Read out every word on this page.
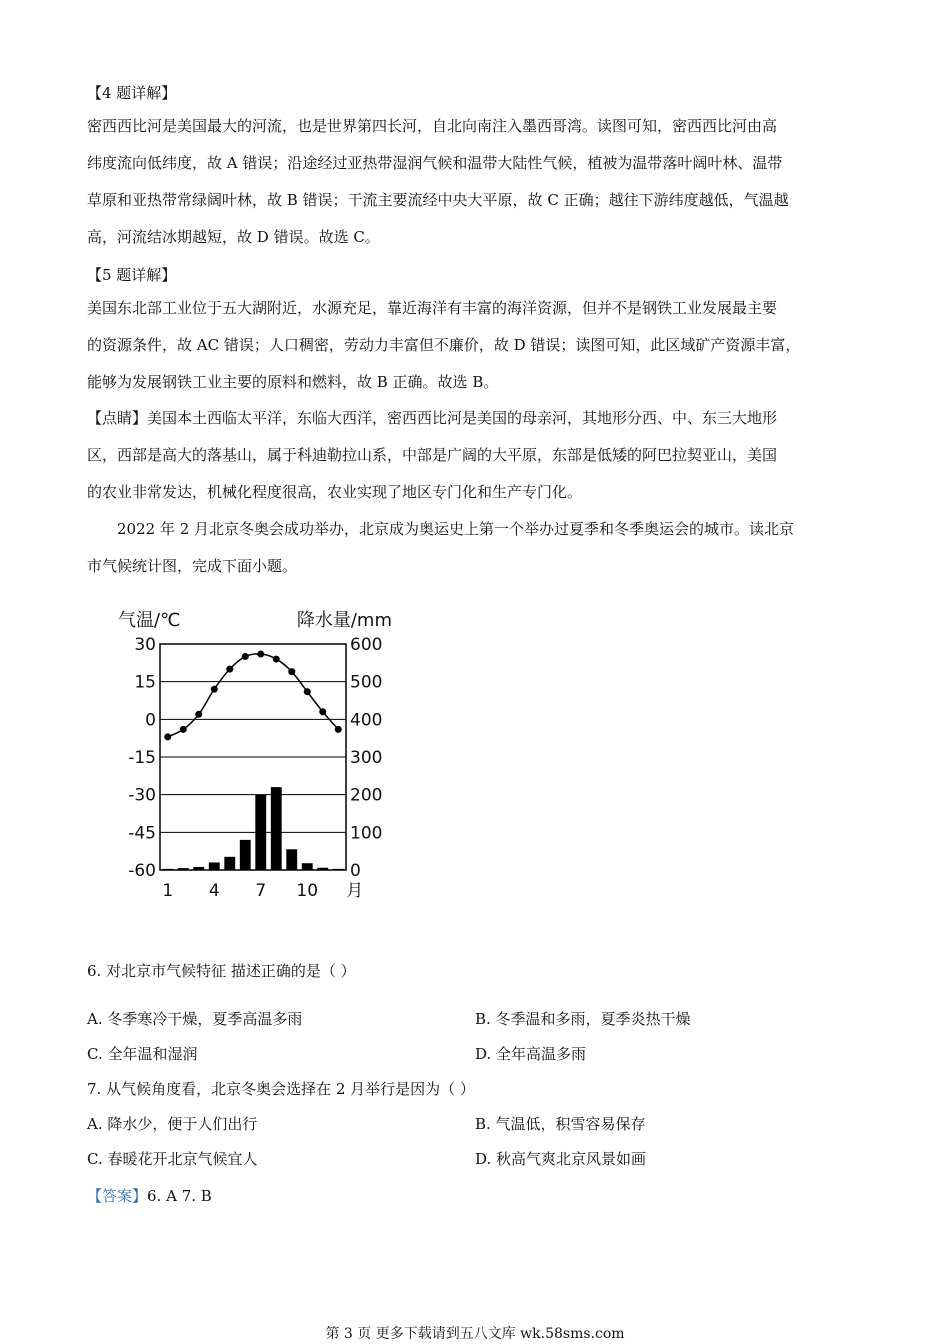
【4 题详解】

密西西比河是美国最大的河流，也是世界第四长河，自北向南注入墨西哥湾。读图可知，密西西比河由高

纬度流向低纬度，故 A 错误；沿途经过亚热带湿润气候和温带大陆性气候，植被为温带落叶阔叶林、温带

草原和亚热带常绿阔叶林，故 B 错误；干流主要流经中央大平原，故 C 正确；越往下游纬度越低，气温越

高，河流结冰期越短，故 D 错误。故选 C。

【5 题详解】

美国东北部工业位于五大湖附近，水源充足，靠近海洋有丰富的海洋资源，但并不是钢铁工业发展最主要

的资源条件，故 AC 错误；人口稠密，劳动力丰富但不廉价，故 D 错误；读图可知，此区域矿产资源丰富，

能够为发展钢铁工业主要的原料和燃料，故 B 正确。故选 B。

【点睛】美国本土西临太平洋，东临大西洋，密西西比河是美国的母亲河，其地形分西、中、东三大地形

区，西部是高大的落基山，属于科迪勒拉山系，中部是广阔的大平原，东部是低矮的阿巴拉契亚山，美国

的农业非常发达，机械化程度很高，农业实现了地区专门化和生产专门化。

2022 年 2 月北京冬奥会成功举办，北京成为奥运史上第一个举办过夏季和冬季奥运会的城市。读北京

市气候统计图，完成下面小题。

30
15
0
-15
-30
-45
-60
600
500
400
300
200
100
0
气温/℃	降水量/mm
1 4 7 10 月
6. 对北京市气候特征 描述正确的是（ ）
A. 冬季寒冷干燥，夏季高温多雨	B. 冬季温和多雨，夏季炎热干燥
C. 全年温和湿润	D. 全年高温多雨
7. 从气候角度看，北京冬奥会选择在 2 月举行是因为（ ）
A. 降水少，便于人们出行	B. 气温低，积雪容易保存
C. 春暖花开北京气候宜人	D. 秋高气爽北京风景如画
【答案】6. A 7. B
第 3 页 更多下载请到五八文库 wk.58sms.com
